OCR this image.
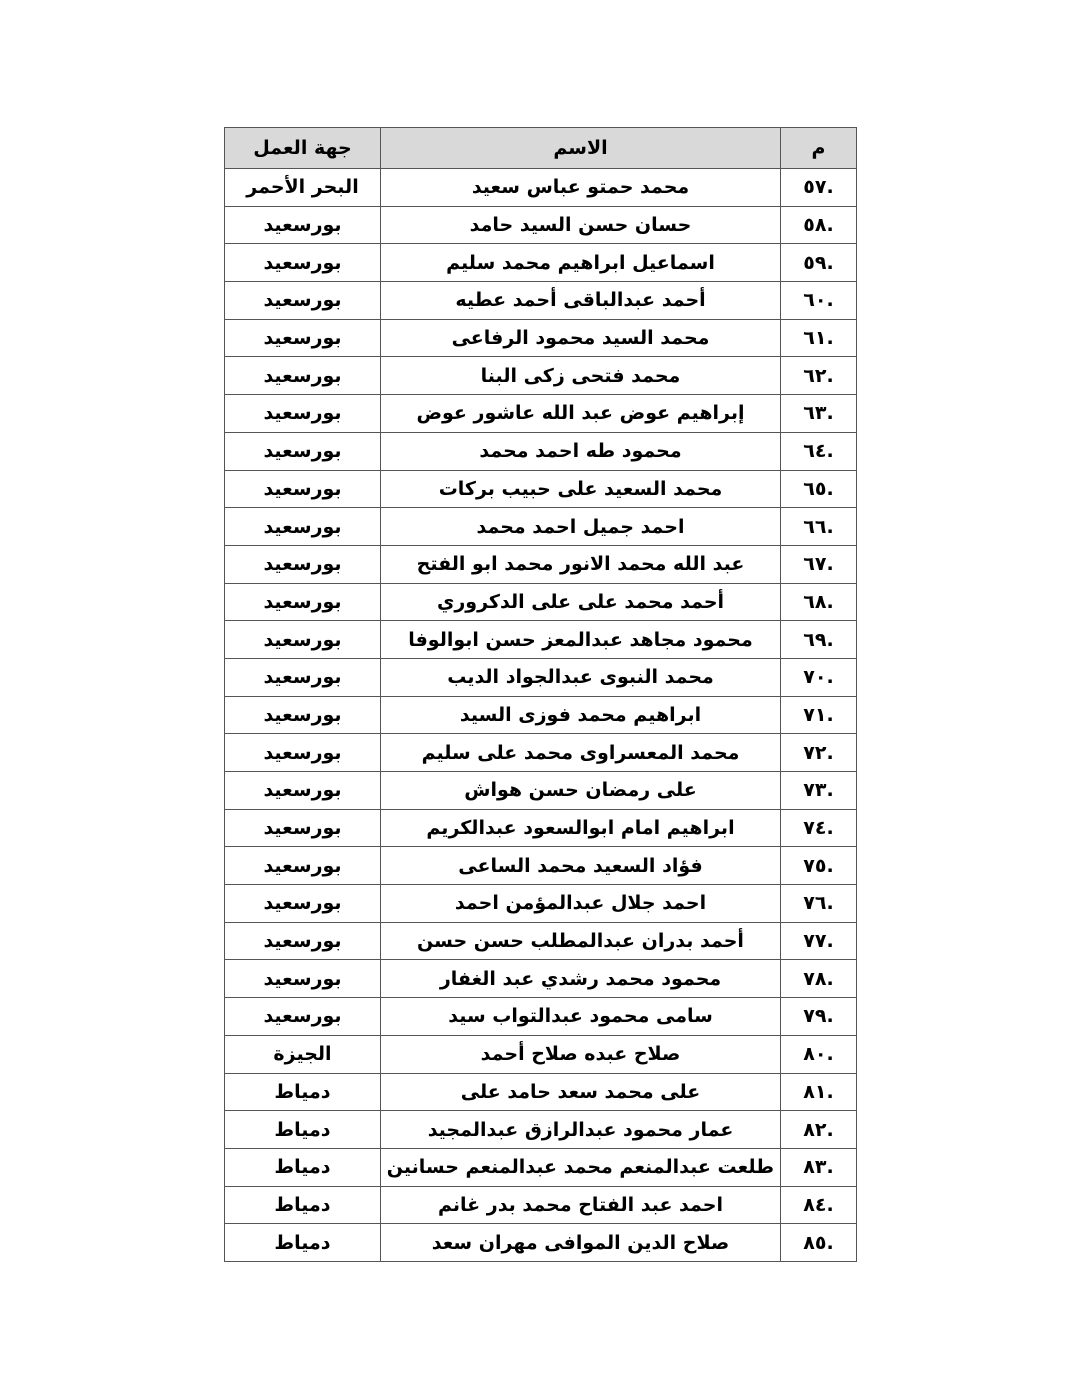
م	الاسم	جهة العمل
.٥٧	محمد حمتو عباس سعيد	البحر الأحمر
.٥٨	حسان حسن السيد حامد	بورسعيد
.٥٩	اسماعيل ابراهيم محمد سليم	بورسعيد
.٦٠	أحمد عبدالباقى أحمد عطيه	بورسعيد
.٦١	محمد السيد محمود الرفاعى	بورسعيد
.٦٢	محمد فتحى زكى البنا	بورسعيد
.٦٣	إبراهيم عوض عبد الله عاشور عوض	بورسعيد
.٦٤	محمود طه احمد محمد	بورسعيد
.٦٥	محمد السعيد على حبيب بركات	بورسعيد
.٦٦	احمد جميل احمد محمد	بورسعيد
.٦٧	عبد الله محمد الانور محمد ابو الفتح	بورسعيد
.٦٨	أحمد محمد على على الدكروري	بورسعيد
.٦٩	محمود مجاهد عبدالمعز حسن ابوالوفا	بورسعيد
.٧٠	محمد النبوى عبدالجواد الديب	بورسعيد
.٧١	ابراهيم محمد فوزى السيد	بورسعيد
.٧٢	محمد المعسراوى محمد على سليم	بورسعيد
.٧٣	على رمضان حسن هواش	بورسعيد
.٧٤	ابراهيم امام ابوالسعود عبدالكريم	بورسعيد
.٧٥	فؤاد السعيد محمد الساعى	بورسعيد
.٧٦	احمد جلال عبدالمؤمن احمد	بورسعيد
.٧٧	أحمد بدران عبدالمطلب حسن حسن	بورسعيد
.٧٨	محمود محمد رشدي عبد الغفار	بورسعيد
.٧٩	سامى محمود عبدالتواب سيد	بورسعيد
.٨٠	صلاح عبده صلاح أحمد	الجيزة
.٨١	على محمد سعد حامد على	دمياط
.٨٢	عمار محمود عبدالرازق عبدالمجيد	دمياط
.٨٣	طلعت عبدالمنعم محمد عبدالمنعم حسانين	دمياط
.٨٤	احمد عبد الفتاح محمد بدر غانم	دمياط
.٨٥	صلاح الدين الموافى مهران سعد	دمياط
